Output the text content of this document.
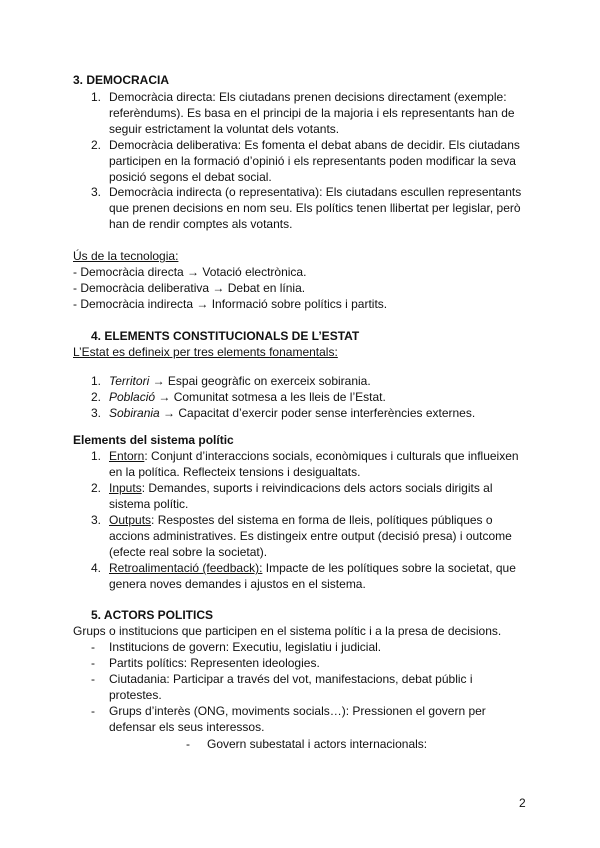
3. DEMOCRACIA
1. Democràcia directa: Els ciutadans prenen decisions directament (exemple:
referèndums). Es basa en el principi de la majoria i els representants han de
seguir estrictament la voluntat dels votants.
2. Democràcia deliberativa: Es fomenta el debat abans de decidir. Els ciutadans
participen en la formació d’opinió i els representants poden modificar la seva
posició segons el debat social.
3. Democràcia indirecta (o representativa): Els ciutadans escullen representants
que prenen decisions en nom seu. Els polítics tenen llibertat per legislar, però
han de rendir comptes als votants.
Ús de la tecnologia:
- Democràcia directa → Votació electrònica.
- Democràcia deliberativa → Debat en línia.
- Democràcia indirecta → Informació sobre polítics i partits.
4. ELEMENTS CONSTITUCIONALS DE L’ESTAT
L’Estat es defineix per tres elements fonamentals:
1. Territori → Espai geogràfic on exerceix sobirania.
2. Població → Comunitat sotmesa a les lleis de l’Estat.
3. Sobirania → Capacitat d’exercir poder sense interferències externes.
Elements del sistema polític
1. Entorn: Conjunt d’interaccions socials, econòmiques i culturals que influeixen
en la política. Reflecteix tensions i desigualtats.
2. Inputs: Demandes, suports i reivindicacions dels actors socials dirigits al
sistema polític.
3. Outputs: Respostes del sistema en forma de lleis, polítiques públiques o
accions administratives. Es distingeix entre output (decisió presa) i outcome
(efecte real sobre la societat).
4. Retroalimentació (feedback): Impacte de les polítiques sobre la societat, que
genera noves demandes i ajustos en el sistema.
5. ACTORS POLITICS
Grups o institucions que participen en el sistema polític i a la presa de decisions.
- Institucions de govern: Executiu, legislatiu i judicial.
- Partits polítics: Representen ideologies.
- Ciutadania: Participar a través del vot, manifestacions, debat públic i
protestes.
- Grups d’interès (ONG, moviments socials…): Pressionen el govern per
defensar els seus interessos.
- Govern subestatal i actors internacionals:
2
